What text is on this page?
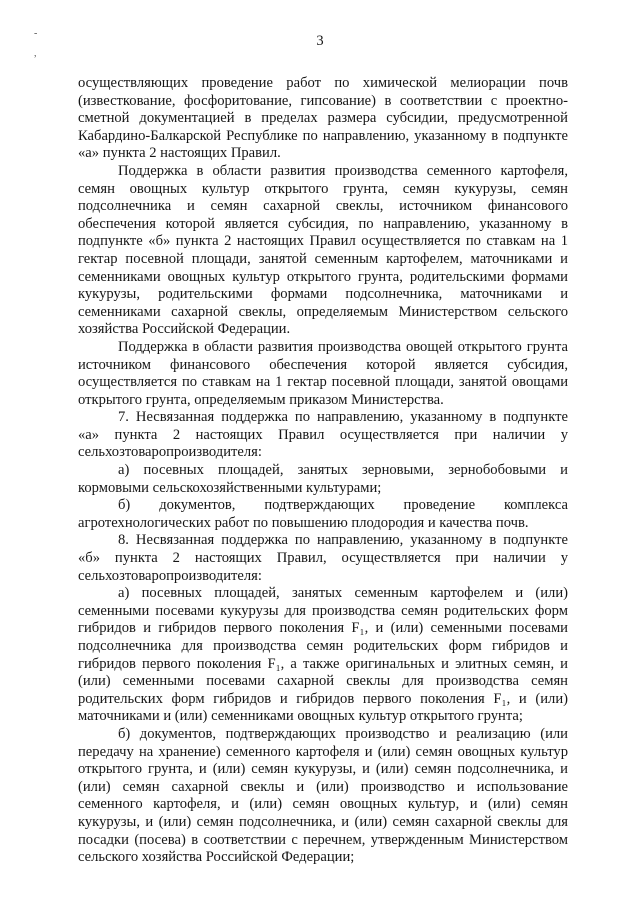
-
,
3

осуществляющих проведение работ по химической мелиорации почв (известкование, фосфоритование, гипсование) в соответствии с проектно-сметной документацией в пределах размера субсидии, предусмотренной Кабардино-Балкарской Республике по направлению, указанному в подпункте «а» пункта 2 настоящих Правил.

Поддержка в области развития производства семенного картофеля, семян овощных культур открытого грунта, семян кукурузы, семян подсолнечника и семян сахарной свеклы, источником финансового обеспечения которой является субсидия, по направлению, указанному в подпункте «б» пункта 2 настоящих Правил осуществляется по ставкам на 1 гектар посевной площади, занятой семенным картофелем, маточниками и семенниками овощных культур открытого грунта, родительскими формами кукурузы, родительскими формами подсолнечника, маточниками и семенниками сахарной свеклы, определяемым Министерством сельского хозяйства Российской Федерации.

Поддержка в области развития производства овощей открытого грунта источником финансового обеспечения которой является субсидия, осуществляется по ставкам на 1 гектар посевной площади, занятой овощами открытого грунта, определяемым приказом Министерства.

7. Несвязанная поддержка по направлению, указанному в подпункте «а» пункта 2 настоящих Правил осуществляется при наличии у сельхозтоваропроизводителя:

а) посевных площадей, занятых зерновыми, зернобобовыми и кормовыми сельскохозяйственными культурами;

б) документов, подтверждающих проведение комплекса агротехнологических работ по повышению плодородия и качества почв.

8. Несвязанная поддержка по направлению, указанному в подпункте «б» пункта 2 настоящих Правил, осуществляется при наличии у сельхозтоваропроизводителя:

а) посевных площадей, занятых семенным картофелем и (или) семенными посевами кукурузы для производства семян родительских форм гибридов и гибридов первого поколения F₁, и (или) семенными посевами подсолнечника для производства семян родительских форм гибридов и гибридов первого поколения F₁, а также оригинальных и элитных семян, и (или) семенными посевами сахарной свеклы для производства семян родительских форм гибридов и гибридов первого поколения F₁, и (или) маточниками и (или) семенниками овощных культур открытого грунта;

б) документов, подтверждающих производство и реализацию (или передачу на хранение) семенного картофеля и (или) семян овощных культур открытого грунта, и (или) семян кукурузы, и (или) семян подсолнечника, и (или) семян сахарной свеклы и (или) производство и использование семенного картофеля, и (или) семян овощных культур, и (или) семян кукурузы, и (или) семян подсолнечника, и (или) семян сахарной свеклы для посадки (посева) в соответствии с перечнем, утвержденным Министерством сельского хозяйства Российской Федерации;
